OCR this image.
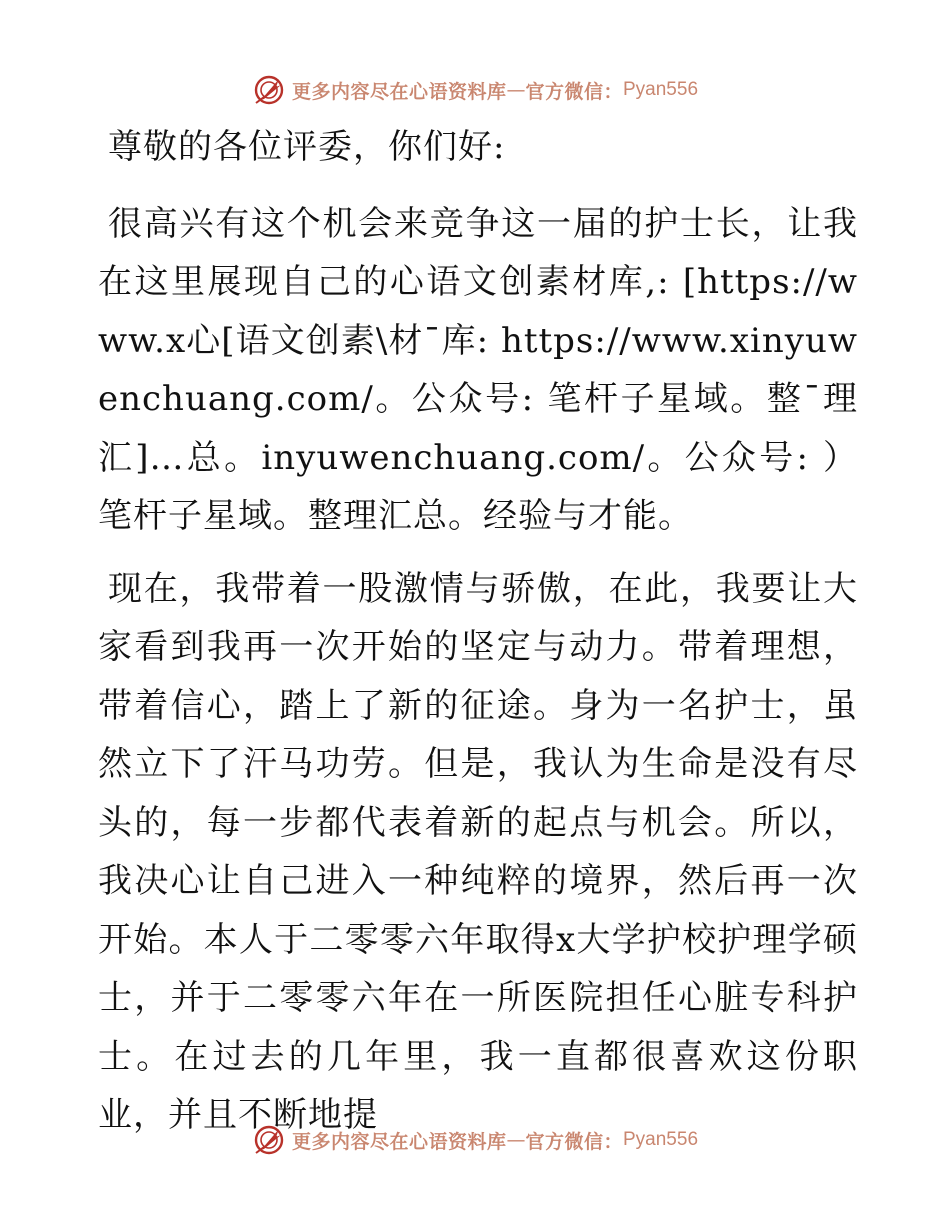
更多内容尽在心语资料库 — 官方微信： Pyan556

尊敬的各位评委，你们好:

很高兴有这个机会来竞争这一届的护士长，让我在这里展现自己的心语文创素材库,: [https://www.x心[语文创素\材¯库: https://www.xinyuwenchuang.com/。公众号: 笔杆子星域。整¯理汇]…总。inyuwenchuang.com/。公众号: ）笔杆子星域。整理汇总。经验与才能。

现在，我带着一股激情与骄傲，在此，我要让大家看到我再一次开始的坚定与动力。带着理想，带着信心，踏上了新的征途。身为一名护士，虽然立下了汗马功劳。但是，我认为生命是没有尽头的，每一步都代表着新的起点与机会。所以，我决心让自己进入一种纯粹的境界，然后再一次开始。本人于二零零六年取得x大学护校护理学硕士，并于二零零六年在一所医院担任心脏专科护士。在过去的几年里，我一直都很喜欢这份职业，并且不断地提

更多内容尽在心语资料库 — 官方微信： Pyan556
